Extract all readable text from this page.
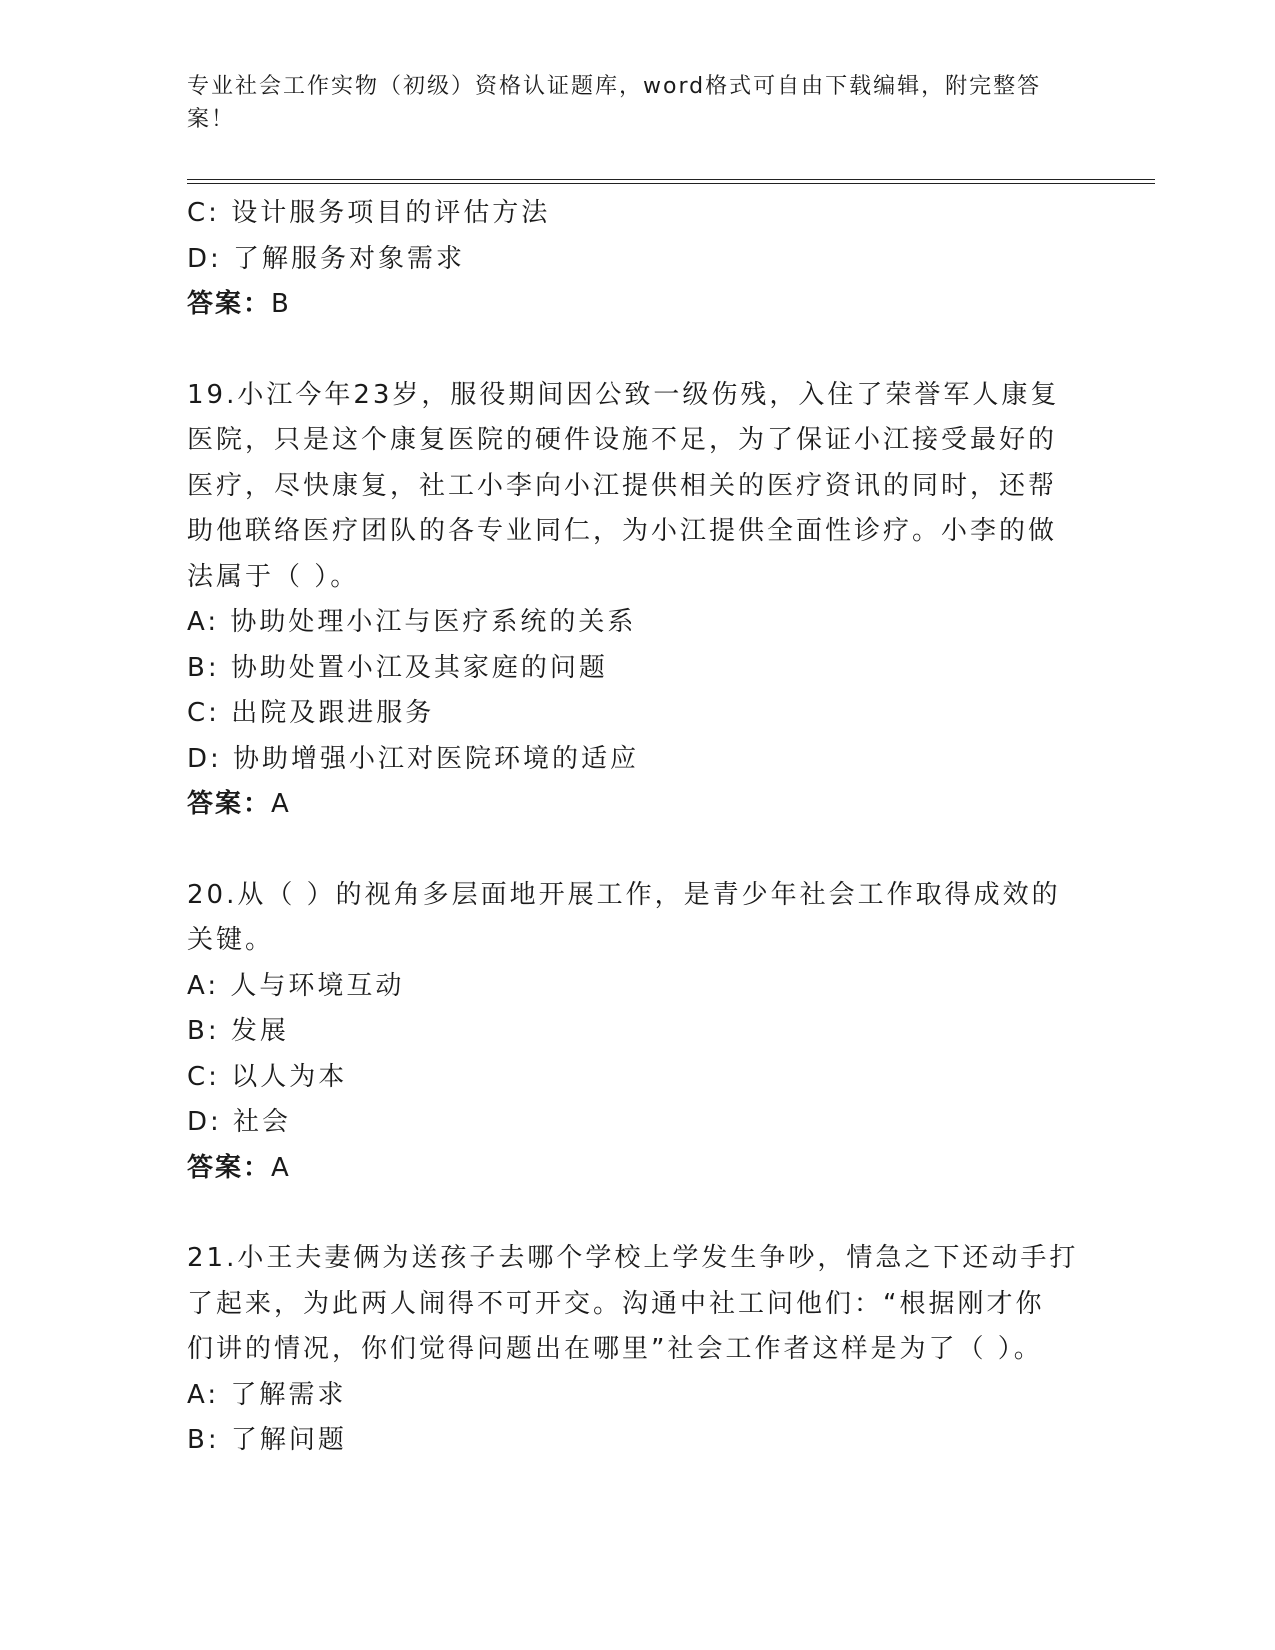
专业社会工作实物（初级）资格认证题库，word格式可自由下载编辑，附完整答案！
C: 设计服务项目的评估方法
D: 了解服务对象需求
答案：B
19.小江今年23岁，服役期间因公致一级伤残，入住了荣誉军人康复
医院，只是这个康复医院的硬件设施不足，为了保证小江接受最好的
医疗，尽快康复，社工小李向小江提供相关的医疗资讯的同时，还帮
助他联络医疗团队的各专业同仁，为小江提供全面性诊疗。小李的做
法属于（ ）。
A: 协助处理小江与医疗系统的关系
B: 协助处置小江及其家庭的问题
C: 出院及跟进服务
D: 协助增强小江对医院环境的适应
答案：A
20.从（ ）的视角多层面地开展工作，是青少年社会工作取得成效的
关键。
A: 人与环境互动
B: 发展
C: 以人为本
D: 社会
答案：A
21.小王夫妻俩为送孩子去哪个学校上学发生争吵，情急之下还动手打
了起来，为此两人闹得不可开交。沟通中社工问他们：“根据刚才你
们讲的情况，你们觉得问题出在哪里”社会工作者这样是为了（ ）。
A: 了解需求
B: 了解问题
